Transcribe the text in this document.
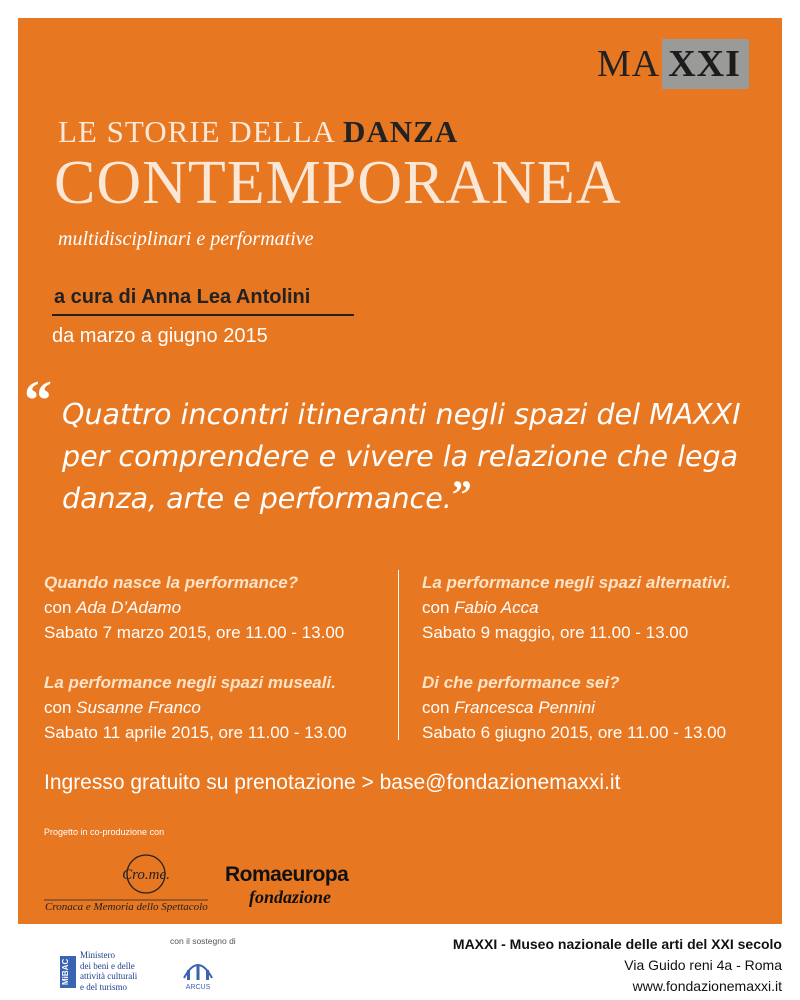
MA XXI
LE STORIE DELLA DANZA
CONTEMPORANEA
multidisciplinari e performative
a cura di Anna Lea Antolini
da marzo a giugno 2015
“ Quattro incontri itineranti negli spazi del MAXXI per comprendere e vivere la relazione che lega danza, arte e performance.”
Quando nasce la performance?
con Ada D’Adamo
Sabato 7 marzo 2015, ore 11.00 - 13.00
La performance negli spazi alternativi.
con Fabio Acca
Sabato 9 maggio, ore 11.00 - 13.00
La performance negli spazi museali.
con Susanne Franco
Sabato 11 aprile 2015, ore 11.00 - 13.00
Di che performance sei?
con Francesca Pennini
Sabato 6 giugno 2015, ore 11.00 - 13.00
Ingresso gratuito su prenotazione > base@fondazionemaxxi.it
Progetto in co-produzione con
Cro.me.
Cronaca e Memoria dello Spettacolo
Romaeuropa
fondazione
MiBAC
Ministero
dei beni e delle
attività culturali
e del turismo
con il sostegno di
ARCUS
MAXXI - Museo nazionale delle arti del XXI secolo
Via Guido reni 4a - Roma
www.fondazionemaxxi.it
